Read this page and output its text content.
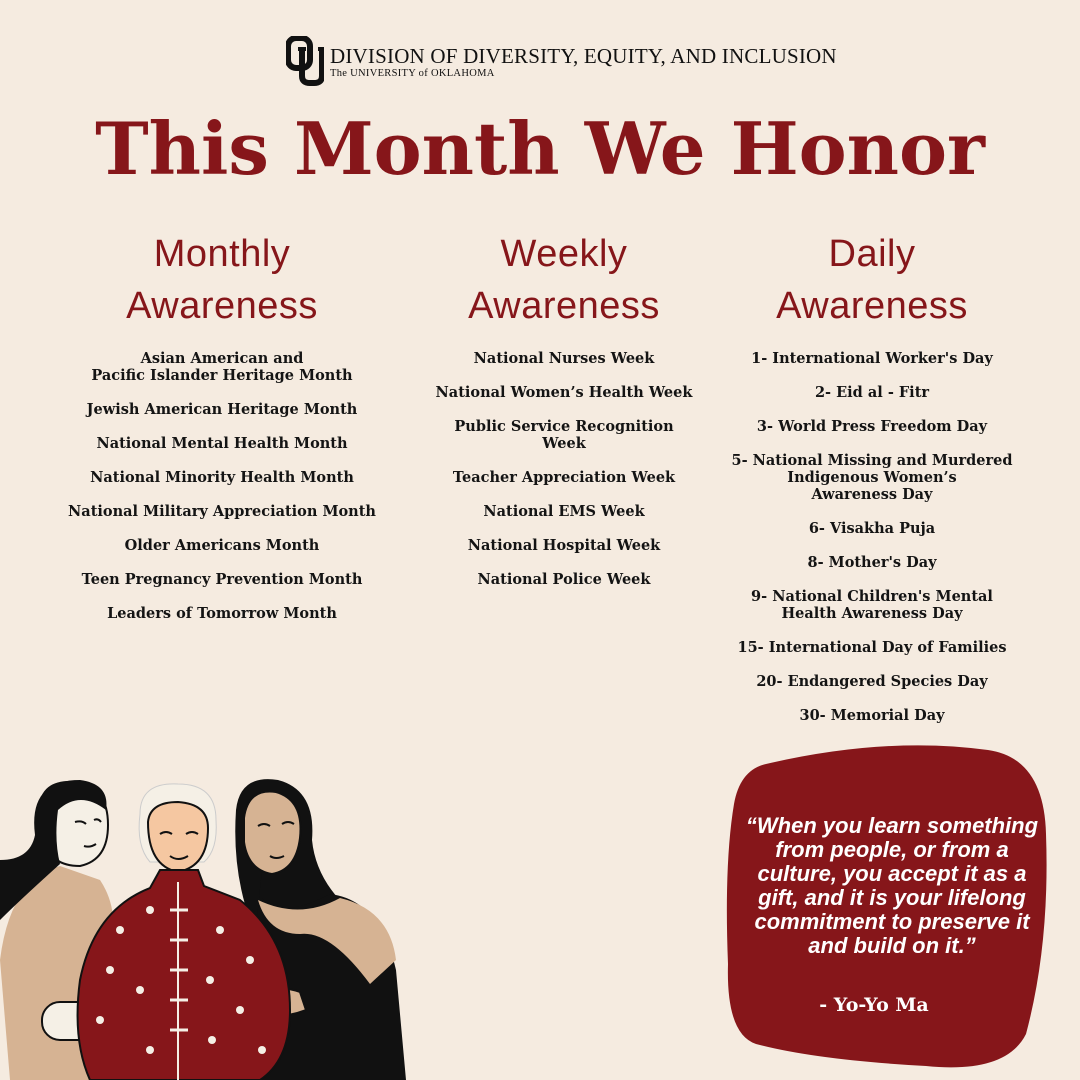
DIVISION OF DIVERSITY, EQUITY, AND INCLUSION
The UNIVERSITY of OKLAHOMA
This Month We Honor
Monthly
Awareness
Asian American and
Pacific Islander Heritage Month
Jewish American Heritage Month
National Mental Health Month
National Minority Health Month
National Military Appreciation Month
Older Americans Month
Teen Pregnancy Prevention Month
Leaders of Tomorrow Month
Weekly
Awareness
National Nurses Week
National Women’s Health Week
Public Service Recognition
Week
Teacher Appreciation Week
National EMS Week
National Hospital Week
National Police Week
Daily
Awareness
1- International Worker's Day
2- Eid al - Fitr
3- World Press Freedom Day
5- National Missing and Murdered
Indigenous Women’s
Awareness Day
6- Visakha Puja
8- Mother's Day
9- National Children's Mental
Health Awareness Day
15- International Day of Families
20- Endangered Species Day
30- Memorial Day

“When you learn something from people, or from a culture, you accept it as a gift, and it is your lifelong commitment to preserve it and build on it.”

- Yo-Yo Ma
